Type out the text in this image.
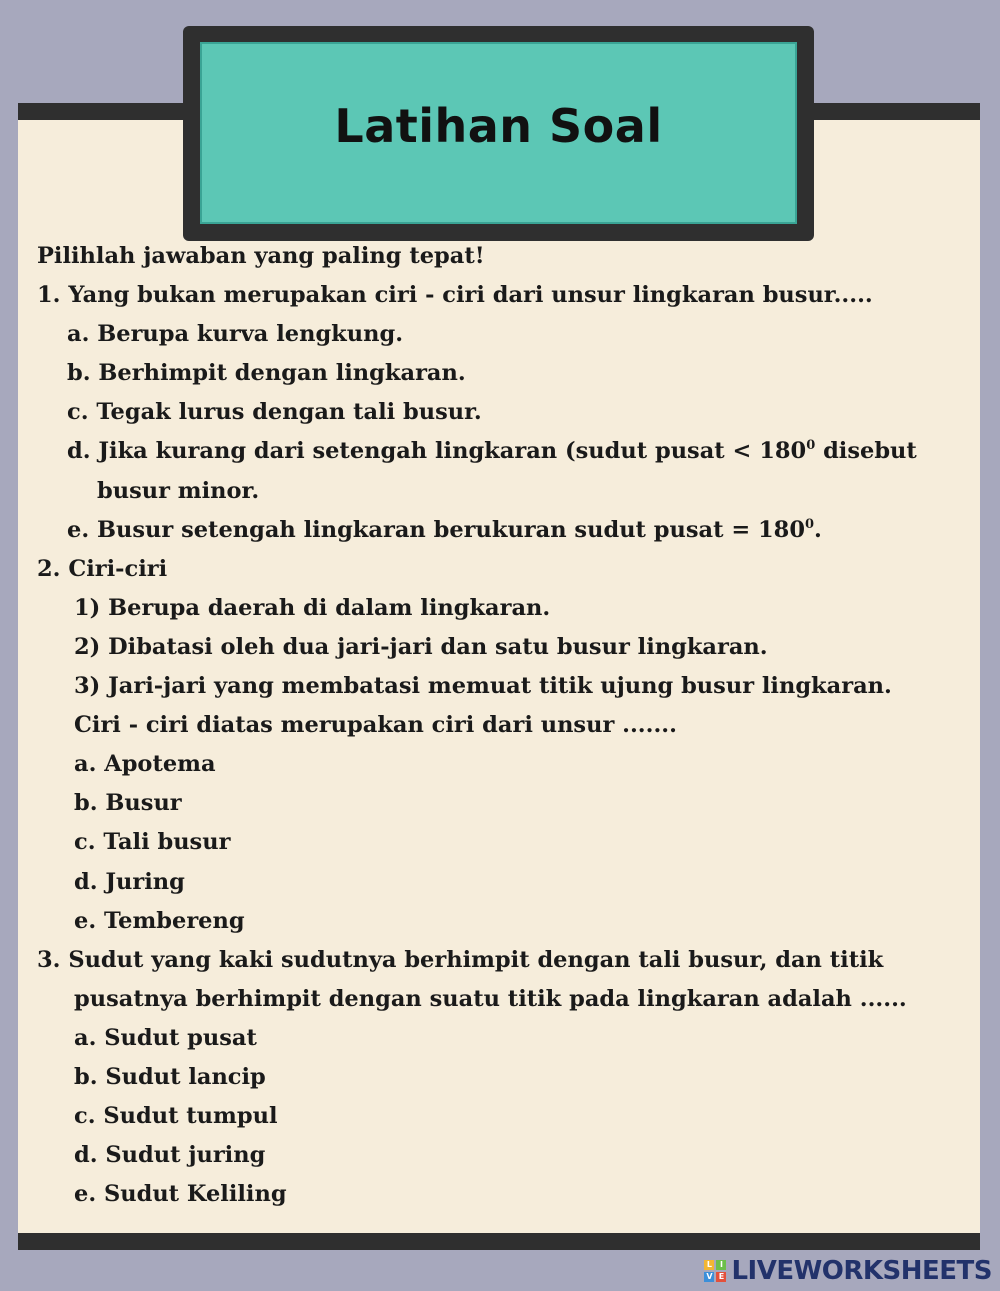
Latihan Soal
Pilihlah jawaban yang paling tepat!
1. Yang bukan merupakan ciri - ciri dari unsur lingkaran busur.....
a. Berupa kurva lengkung.
b. Berhimpit dengan lingkaran.
c. Tegak lurus dengan tali busur.
d. Jika kurang dari setengah lingkaran (sudut pusat < $180^0$ disebut
busur minor.
e. Busur setengah lingkaran berukuran sudut pusat = $180^0$.
2. Ciri-ciri
1) Berupa daerah di dalam lingkaran.
2) Dibatasi oleh dua jari-jari dan satu busur lingkaran.
3) Jari-jari yang membatasi memuat titik ujung busur lingkaran.
Ciri - ciri diatas merupakan ciri dari unsur .......
a. Apotema
b. Busur
c. Tali busur
d. Juring
e. Tembereng
3. Sudut yang kaki sudutnya berhimpit dengan tali busur, dan titik
pusatnya berhimpit dengan suatu titik pada lingkaran adalah ......
a. Sudut pusat
b. Sudut lancip
c. Sudut tumpul
d. Sudut juring
e. Sudut Keliling
L I
V E LIVEWORKSHEETS
